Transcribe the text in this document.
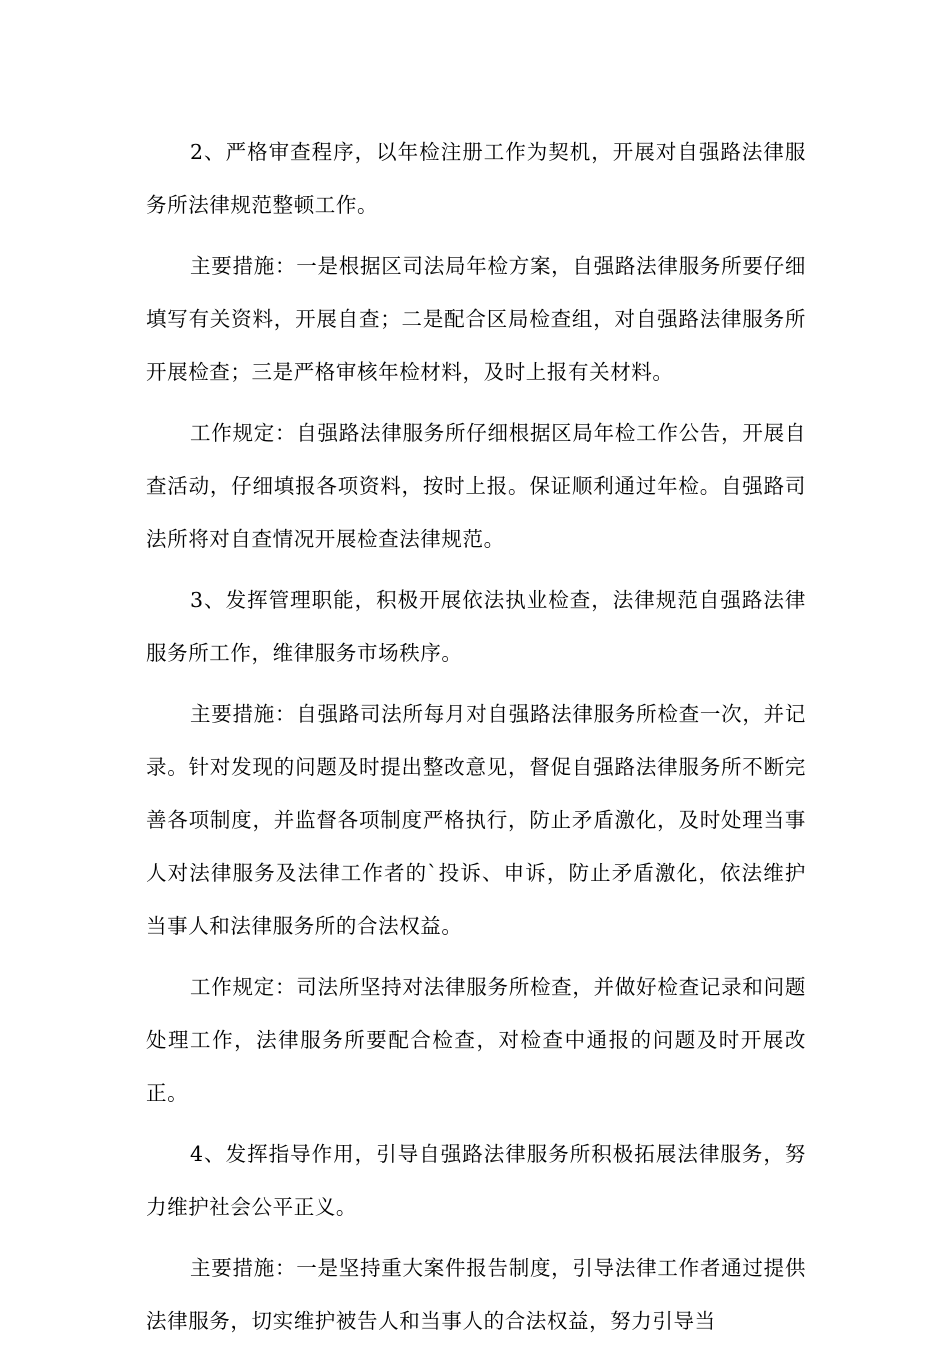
2、严格审查程序，以年检注册工作为契机，开展对自强路法律服务所法律规范整顿工作。

主要措施：一是根据区司法局年检方案，自强路法律服务所要仔细填写有关资料，开展自查；二是配合区局检查组，对自强路法律服务所开展检查；三是严格审核年检材料，及时上报有关材料。

工作规定：自强路法律服务所仔细根据区局年检工作公告，开展自查活动，仔细填报各项资料，按时上报。保证顺利通过年检。自强路司法所将对自查情况开展检查法律规范。

3、发挥管理职能，积极开展依法执业检查，法律规范自强路法律服务所工作，维律服务市场秩序。

主要措施：自强路司法所每月对自强路法律服务所检查一次，并记录。针对发现的问题及时提出整改意见，督促自强路法律服务所不断完善各项制度，并监督各项制度严格执行，防止矛盾激化，及时处理当事人对法律服务及法律工作者的`投诉、申诉，防止矛盾激化，依法维护当事人和法律服务所的合法权益。

工作规定：司法所坚持对法律服务所检查，并做好检查记录和问题处理工作，法律服务所要配合检查，对检查中通报的问题及时开展改正。

4、发挥指导作用，引导自强路法律服务所积极拓展法律服务，努力维护社会公平正义。

主要措施：一是坚持重大案件报告制度，引导法律工作者通过提供法律服务，切实维护被告人和当事人的合法权益，努力引导当
